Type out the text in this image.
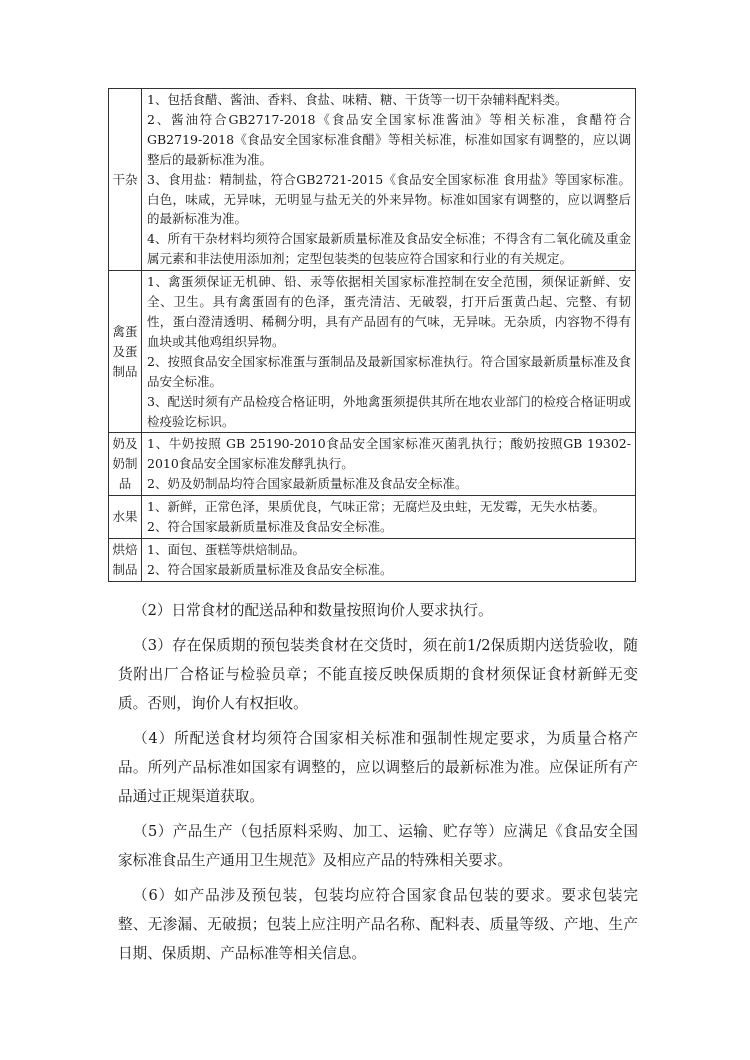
干杂	1、包括食醋、酱油、香料、食盐、味精、糖、干货等一切干杂辅料配料类。
2、酱油符合GB2717-2018《食品安全国家标准酱油》等相关标准，食醋符合GB2719-2018《食品安全国家标准食醋》等相关标准，标准如国家有调整的，应以调整后的最新标准为准。
3、食用盐：精制盐，符合GB2721-2015《食品安全国家标准 食用盐》等国家标准。白色，味咸，无异味，无明显与盐无关的外来异物。标准如国家有调整的，应以调整后的最新标准为准。
4、所有干杂材料均须符合国家最新质量标准及食品安全标准；不得含有二氧化硫及重金属元素和非法使用添加剂；定型包装类的包装应符合国家和行业的有关规定。

禽蛋及蛋制品	1、禽蛋须保证无机砷、铅、汞等依据相关国家标准控制在安全范围，须保证新鲜、安全、卫生。具有禽蛋固有的色泽，蛋壳清洁、无破裂，打开后蛋黄凸起、完整、有韧性，蛋白澄清透明、稀稠分明，具有产品固有的气味，无异味。无杂质，内容物不得有血块或其他鸡组织异物。
2、按照食品安全国家标准蛋与蛋制品及最新国家标准执行。符合国家最新质量标准及食品安全标准。
3、配送时须有产品检疫合格证明，外地禽蛋须提供其所在地农业部门的检疫合格证明或检疫验讫标识。

奶及奶制品	1、牛奶按照 GB 25190-2010食品安全国家标准灭菌乳执行；酸奶按照GB 19302-2010食品安全国家标准发酵乳执行。
2、奶及奶制品均符合国家最新质量标准及食品安全标准。

水果	1、新鲜，正常色泽，果质优良，气味正常；无腐烂及虫蛀，无发霉，无失水枯萎。
2、符合国家最新质量标准及食品安全标准。

烘焙制品	1、面包、蛋糕等烘焙制品。
2、符合国家最新质量标准及食品安全标准。

（2）日常食材的配送品种和数量按照询价人要求执行。

（3）存在保质期的预包装类食材在交货时，须在前1/2保质期内送货验收，随货附出厂合格证与检验员章；不能直接反映保质期的食材须保证食材新鲜无变质。否则，询价人有权拒收。

（4）所配送食材均须符合国家相关标准和强制性规定要求，为质量合格产品。所列产品标准如国家有调整的，应以调整后的最新标准为准。应保证所有产品通过正规渠道获取。

（5）产品生产（包括原料采购、加工、运输、贮存等）应满足《食品安全国家标准食品生产通用卫生规范》及相应产品的特殊相关要求。

（6）如产品涉及预包装，包装均应符合国家食品包装的要求。要求包装完整、无渗漏、无破损；包装上应注明产品名称、配料表、质量等级、产地、生产日期、保质期、产品标准等相关信息。
